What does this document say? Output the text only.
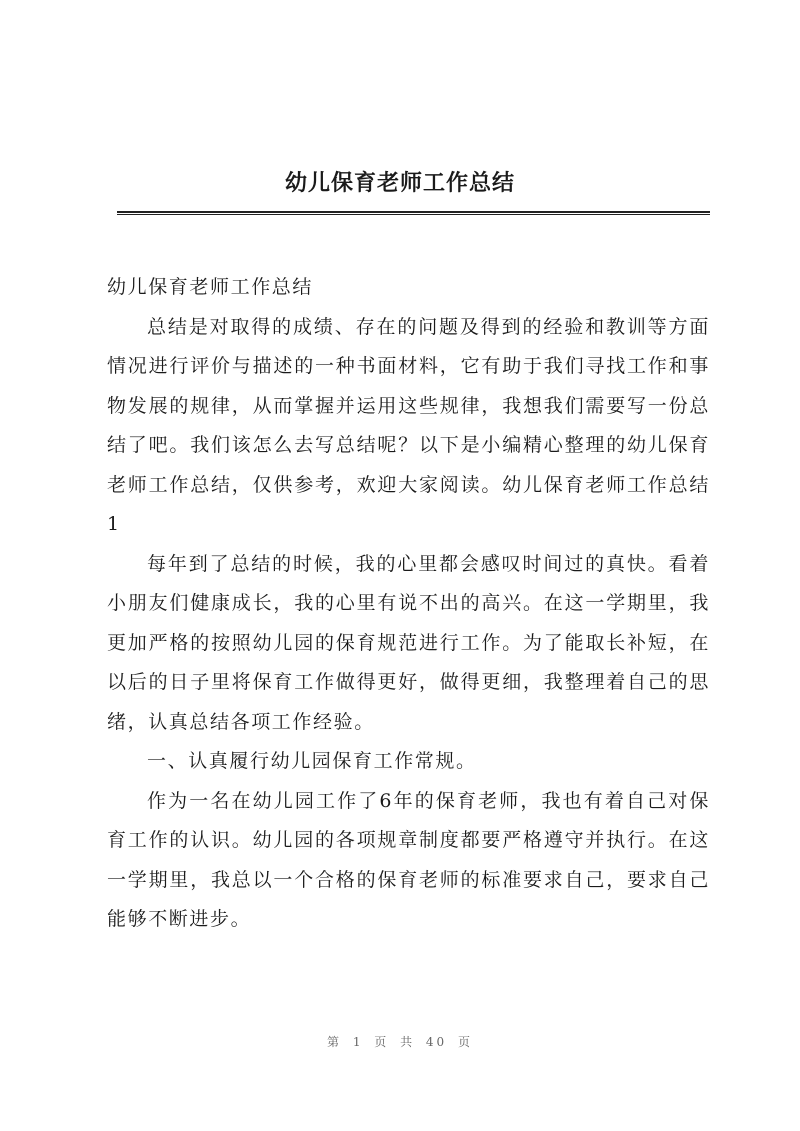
幼儿保育老师工作总结

幼儿保育老师工作总结

总结是对取得的成绩、存在的问题及得到的经验和教训等方面情况进行评价与描述的一种书面材料，它有助于我们寻找工作和事物发展的规律，从而掌握并运用这些规律，我想我们需要写一份总结了吧。我们该怎么去写总结呢？以下是小编精心整理的幼儿保育老师工作总结，仅供参考，欢迎大家阅读。幼儿保育老师工作总结1

每年到了总结的时候，我的心里都会感叹时间过的真快。看着小朋友们健康成长，我的心里有说不出的高兴。在这一学期里，我更加严格的按照幼儿园的保育规范进行工作。为了能取长补短，在以后的日子里将保育工作做得更好，做得更细，我整理着自己的思绪，认真总结各项工作经验。

一、认真履行幼儿园保育工作常规。

作为一名在幼儿园工作了6年的保育老师，我也有着自己对保育工作的认识。幼儿园的各项规章制度都要严格遵守并执行。在这一学期里，我总以一个合格的保育老师的标准要求自己，要求自己能够不断进步。

第 1 页 共 40 页
